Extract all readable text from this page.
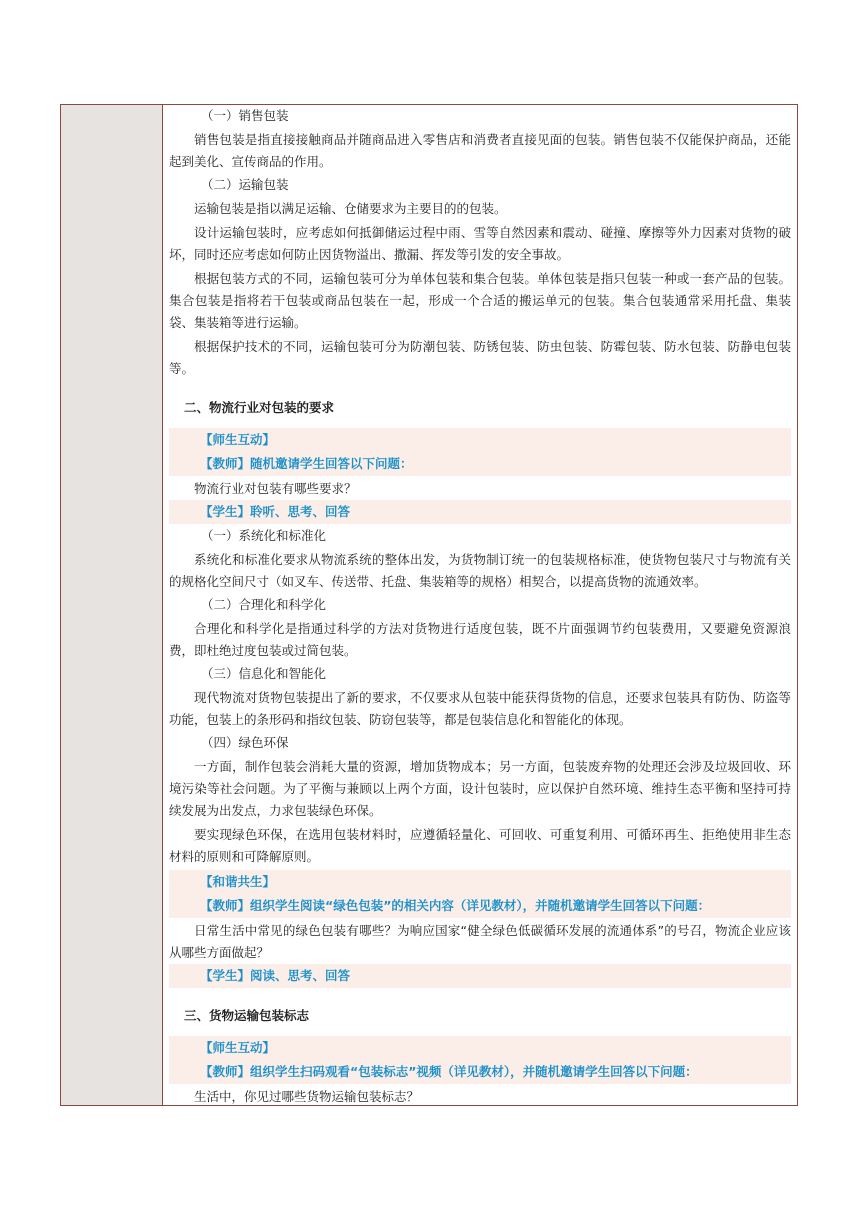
（一）销售包装

销售包装是指直接接触商品并随商品进入零售店和消费者直接见面的包装。销售包装不仅能保护商品，还能起到美化、宣传商品的作用。

（二）运输包装

运输包装是指以满足运输、仓储要求为主要目的的包装。

设计运输包装时，应考虑如何抵御储运过程中雨、雪等自然因素和震动、碰撞、摩擦等外力因素对货物的破坏，同时还应考虑如何防止因货物溢出、撒漏、挥发等引发的安全事故。

根据包装方式的不同，运输包装可分为单体包装和集合包装。单体包装是指只包装一种或一套产品的包装。集合包装是指将若干包装或商品包装在一起，形成一个合适的搬运单元的包装。集合包装通常采用托盘、集装袋、集装箱等进行运输。

根据保护技术的不同，运输包装可分为防潮包装、防锈包装、防虫包装、防霉包装、防水包装、防静电包装等。

二、物流行业对包装的要求
【师生互动】
【教师】随机邀请学生回答以下问题：

物流行业对包装有哪些要求？

【学生】聆听、思考、回答
（一）系统化和标准化

系统化和标准化要求从物流系统的整体出发，为货物制订统一的包装规格标准，使货物包装尺寸与物流有关的规格化空间尺寸（如叉车、传送带、托盘、集装箱等的规格）相契合，以提高货物的流通效率。

（二）合理化和科学化

合理化和科学化是指通过科学的方法对货物进行适度包装，既不片面强调节约包装费用，又要避免资源浪费，即杜绝过度包装或过简包装。

（三）信息化和智能化

现代物流对货物包装提出了新的要求，不仅要求从包装中能获得货物的信息，还要求包装具有防伪、防盗等功能，包装上的条形码和指纹包装、防窃包装等，都是包装信息化和智能化的体现。

（四）绿色环保

一方面，制作包装会消耗大量的资源，增加货物成本；另一方面，包装废弃物的处理还会涉及垃圾回收、环境污染等社会问题。为了平衡与兼顾以上两个方面，设计包装时，应以保护自然环境、维持生态平衡和坚持可持续发展为出发点，力求包装绿色环保。

要实现绿色环保，在选用包装材料时，应遵循轻量化、可回收、可重复利用、可循环再生、拒绝使用非生态材料的原则和可降解原则。

【和谐共生】
【教师】组织学生阅读“绿色包装”的相关内容（详见教材），并随机邀请学生回答以下问题：

日常生活中常见的绿色包装有哪些？为响应国家“健全绿色低碳循环发展的流通体系”的号召，物流企业应该从哪些方面做起？

【学生】阅读、思考、回答
三、货物运输包装标志
【师生互动】
【教师】组织学生扫码观看“包装标志”视频（详见教材），并随机邀请学生回答以下问题：

生活中，你见过哪些货物运输包装标志？
